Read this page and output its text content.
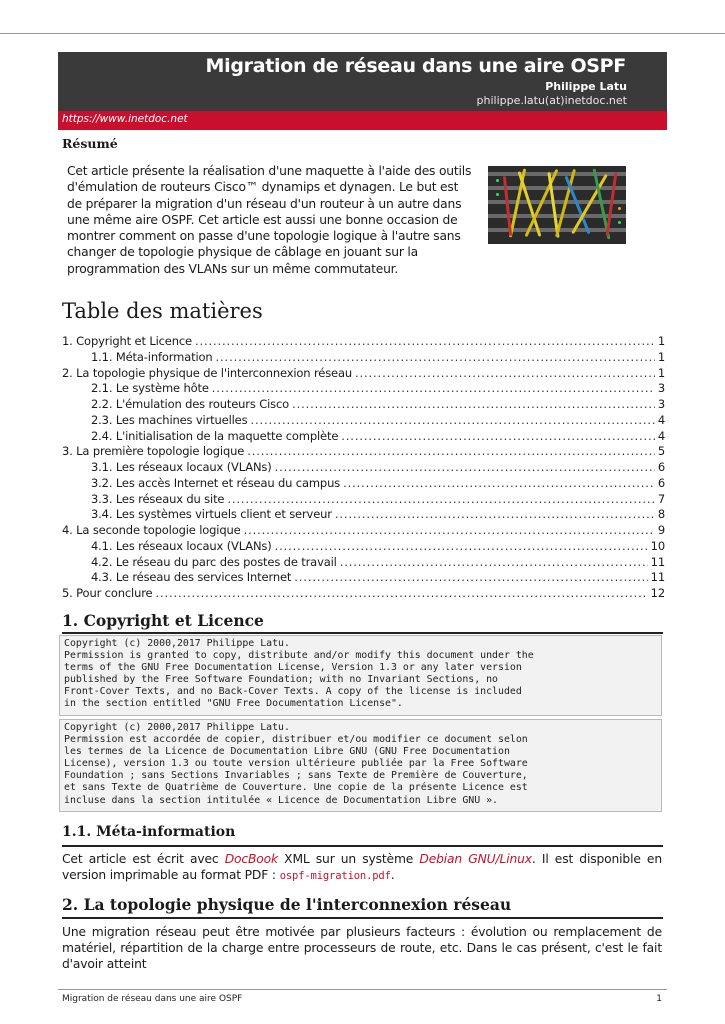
Migration de réseau dans une aire OSPF
Philippe Latu
philippe.latu(at)inetdoc.net
https://www.inetdoc.net
Résumé

Cet article présente la réalisation d'une maquette à l'aide des outils d'émulation de routeurs Cisco™ dynamips et dynagen. Le but est de préparer la migration d'un réseau d'un routeur à un autre dans une même aire OSPF. Cet article est aussi une bonne occasion de montrer comment on passe d'une topologie logique à l'autre sans changer de topologie physique de câblage en jouant sur la programmation des VLANs sur un même commutateur.

Table des matières
1. Copyright et Licence . . .	1
1.1. Méta-information . . .	1
2. La topologie physique de l'interconnexion réseau . . .	1
2.1. Le système hôte . . .	3
2.2. L'émulation des routeurs Cisco . . .	3
2.3. Les machines virtuelles . . .	4
2.4. L'initialisation de la maquette complète . . .	4
3. La première topologie logique . . .	5
3.1. Les réseaux locaux (VLANs) . . .	6
3.2. Les accès Internet et réseau du campus . . .	6
3.3. Les réseaux du site . . .	7
3.4. Les systèmes virtuels client et serveur . . .	8
4. La seconde topologie logique . . .	9
4.1. Les réseaux locaux (VLANs) . . .	10
4.2. Le réseau du parc des postes de travail . . .	11
4.3. Le réseau des services Internet . . .	11
5. Pour conclure . . .	12
1. Copyright et Licence
Copyright (c) 2000,2017 Philippe Latu.
Permission is granted to copy, distribute and/or modify this document under the
terms of the GNU Free Documentation License, Version 1.3 or any later version
published by the Free Software Foundation; with no Invariant Sections, no
Front-Cover Texts, and no Back-Cover Texts. A copy of the license is included
in the section entitled "GNU Free Documentation License".
Copyright (c) 2000,2017 Philippe Latu.
Permission est accordée de copier, distribuer et/ou modifier ce document selon
les termes de la Licence de Documentation Libre GNU (GNU Free Documentation
License), version 1.3 ou toute version ultérieure publiée par la Free Software
Foundation ; sans Sections Invariables ; sans Texte de Première de Couverture,
et sans Texte de Quatrième de Couverture. Une copie de la présente Licence est
incluse dans la section intitulée « Licence de Documentation Libre GNU ».
1.1. Méta-information

Cet article est écrit avec DocBook XML sur un système Debian GNU/Linux. Il est disponible en version imprimable au format PDF : ospf-migration.pdf.

2. La topologie physique de l'interconnexion réseau

Une migration réseau peut être motivée par plusieurs facteurs : évolution ou remplacement de matériel, répartition de la charge entre processeurs de route, etc. Dans le cas présent, c'est le fait d'avoir atteint

Migration de réseau dans une aire OSPF	1
